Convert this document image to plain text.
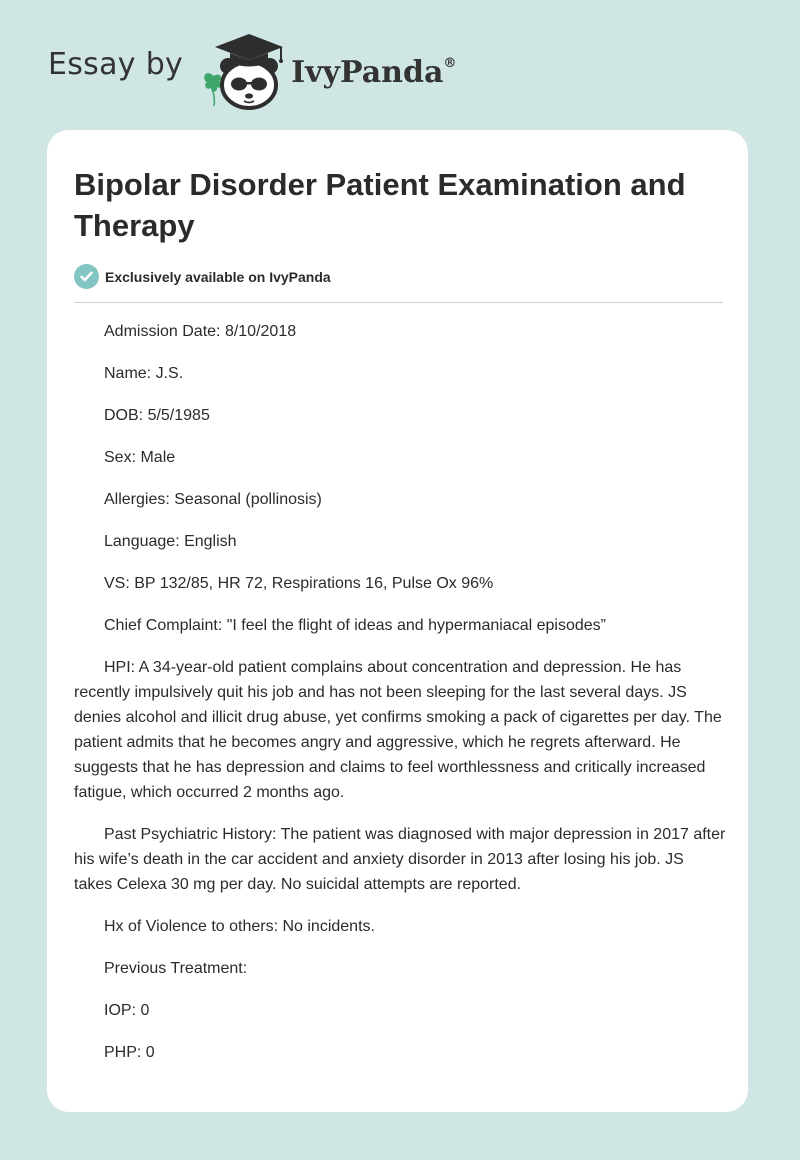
Essay by	IvyPanda®
Bipolar Disorder Patient Examination and Therapy
Exclusively available on IvyPanda

Admission Date: 8/10/2018

Name: J.S.

DOB: 5/5/1985

Sex: Male

Allergies: Seasonal (pollinosis)

Language: English

VS: BP 132/85, HR 72, Respirations 16, Pulse Ox 96%

Chief Complaint: "I feel the flight of ideas and hypermaniacal episodes”

HPI: A 34-year-old patient complains about concentration and depression. He has recently impulsively quit his job and has not been sleeping for the last several days. JS denies alcohol and illicit drug abuse, yet confirms smoking a pack of cigarettes per day. The patient admits that he becomes angry and aggressive, which he regrets afterward. He suggests that he has depression and claims to feel worthlessness and critically increased fatigue, which occurred 2 months ago.

Past Psychiatric History: The patient was diagnosed with major depression in 2017 after his wife’s death in the car accident and anxiety disorder in 2013 after losing his job. JS takes Celexa 30 mg per day. No suicidal attempts are reported.

Hx of Violence to others: No incidents.

Previous Treatment:

IOP: 0

PHP: 0
